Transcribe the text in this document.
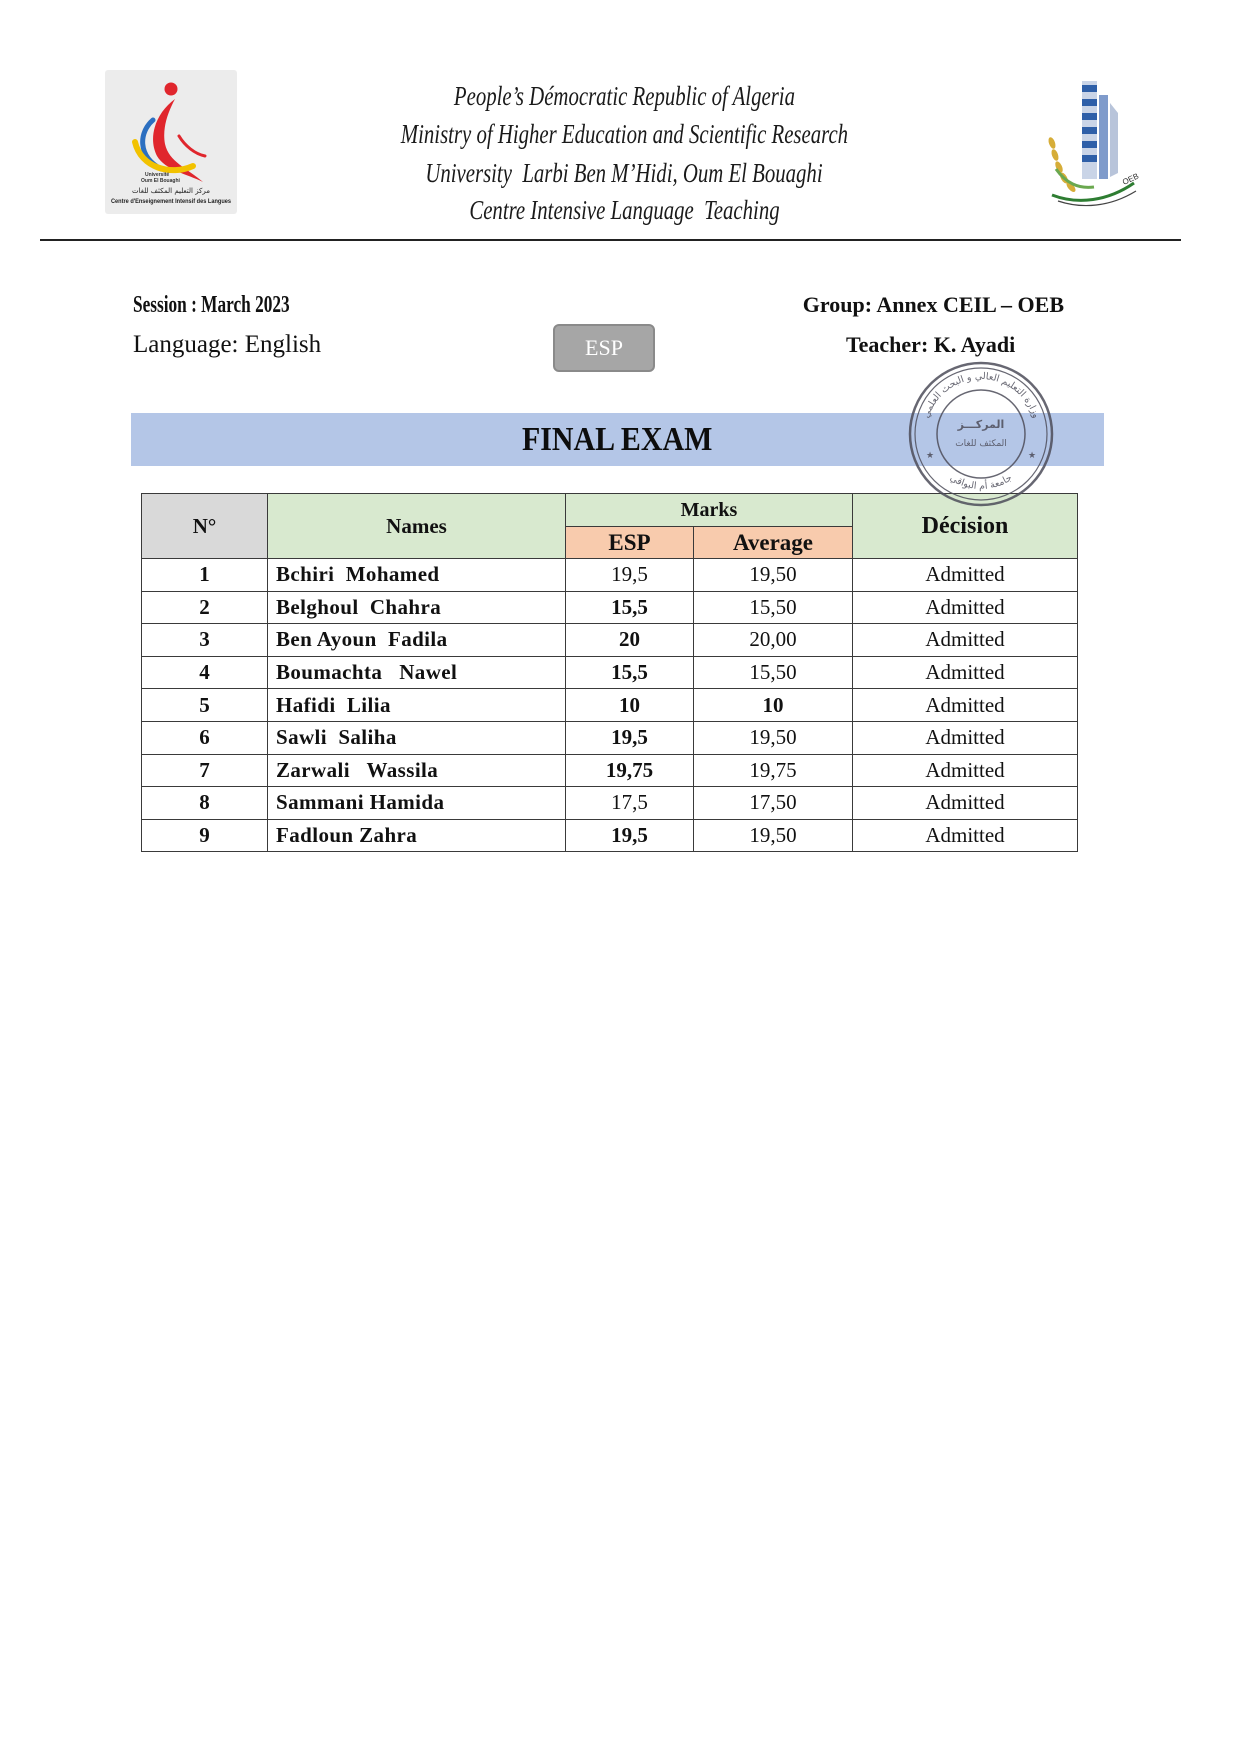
Université
Oum El Bouaghi
مركز التعليم المكثف للغات
Centre d'Enseignement Intensif des Langues
People’s Démocratic Republic of Algeria
Ministry of Higher Education and Scientific Research
University  Larbi Ben M’Hidi, Oum El Bouaghi
Centre Intensive Language  Teaching
OEB
Session : March 2023	Group: Annex CEIL – OEB
Language: English	ESP	Teacher: K. Ayadi
FINAL EXAM
وزارة التعليم العالي و البحث العلمي
جامعة أم البواقي
المركـــز
المكثف للغات
★	★
N°	Names	Marks		Décision
		ESP	Average	
1	Bchiri  Mohamed	19,5	19,50	Admitted
2	Belghoul  Chahra	15,5	15,50	Admitted
3	Ben Ayoun  Fadila	20	20,00	Admitted
4	Boumachta   Nawel	15,5	15,50	Admitted
5	Hafidi  Lilia	10	10	Admitted
6	Sawli  Saliha	19,5	19,50	Admitted
7	Zarwali   Wassila	19,75	19,75	Admitted
8	Sammani Hamida	17,5	17,50	Admitted
9	Fadloun Zahra	19,5	19,50	Admitted
